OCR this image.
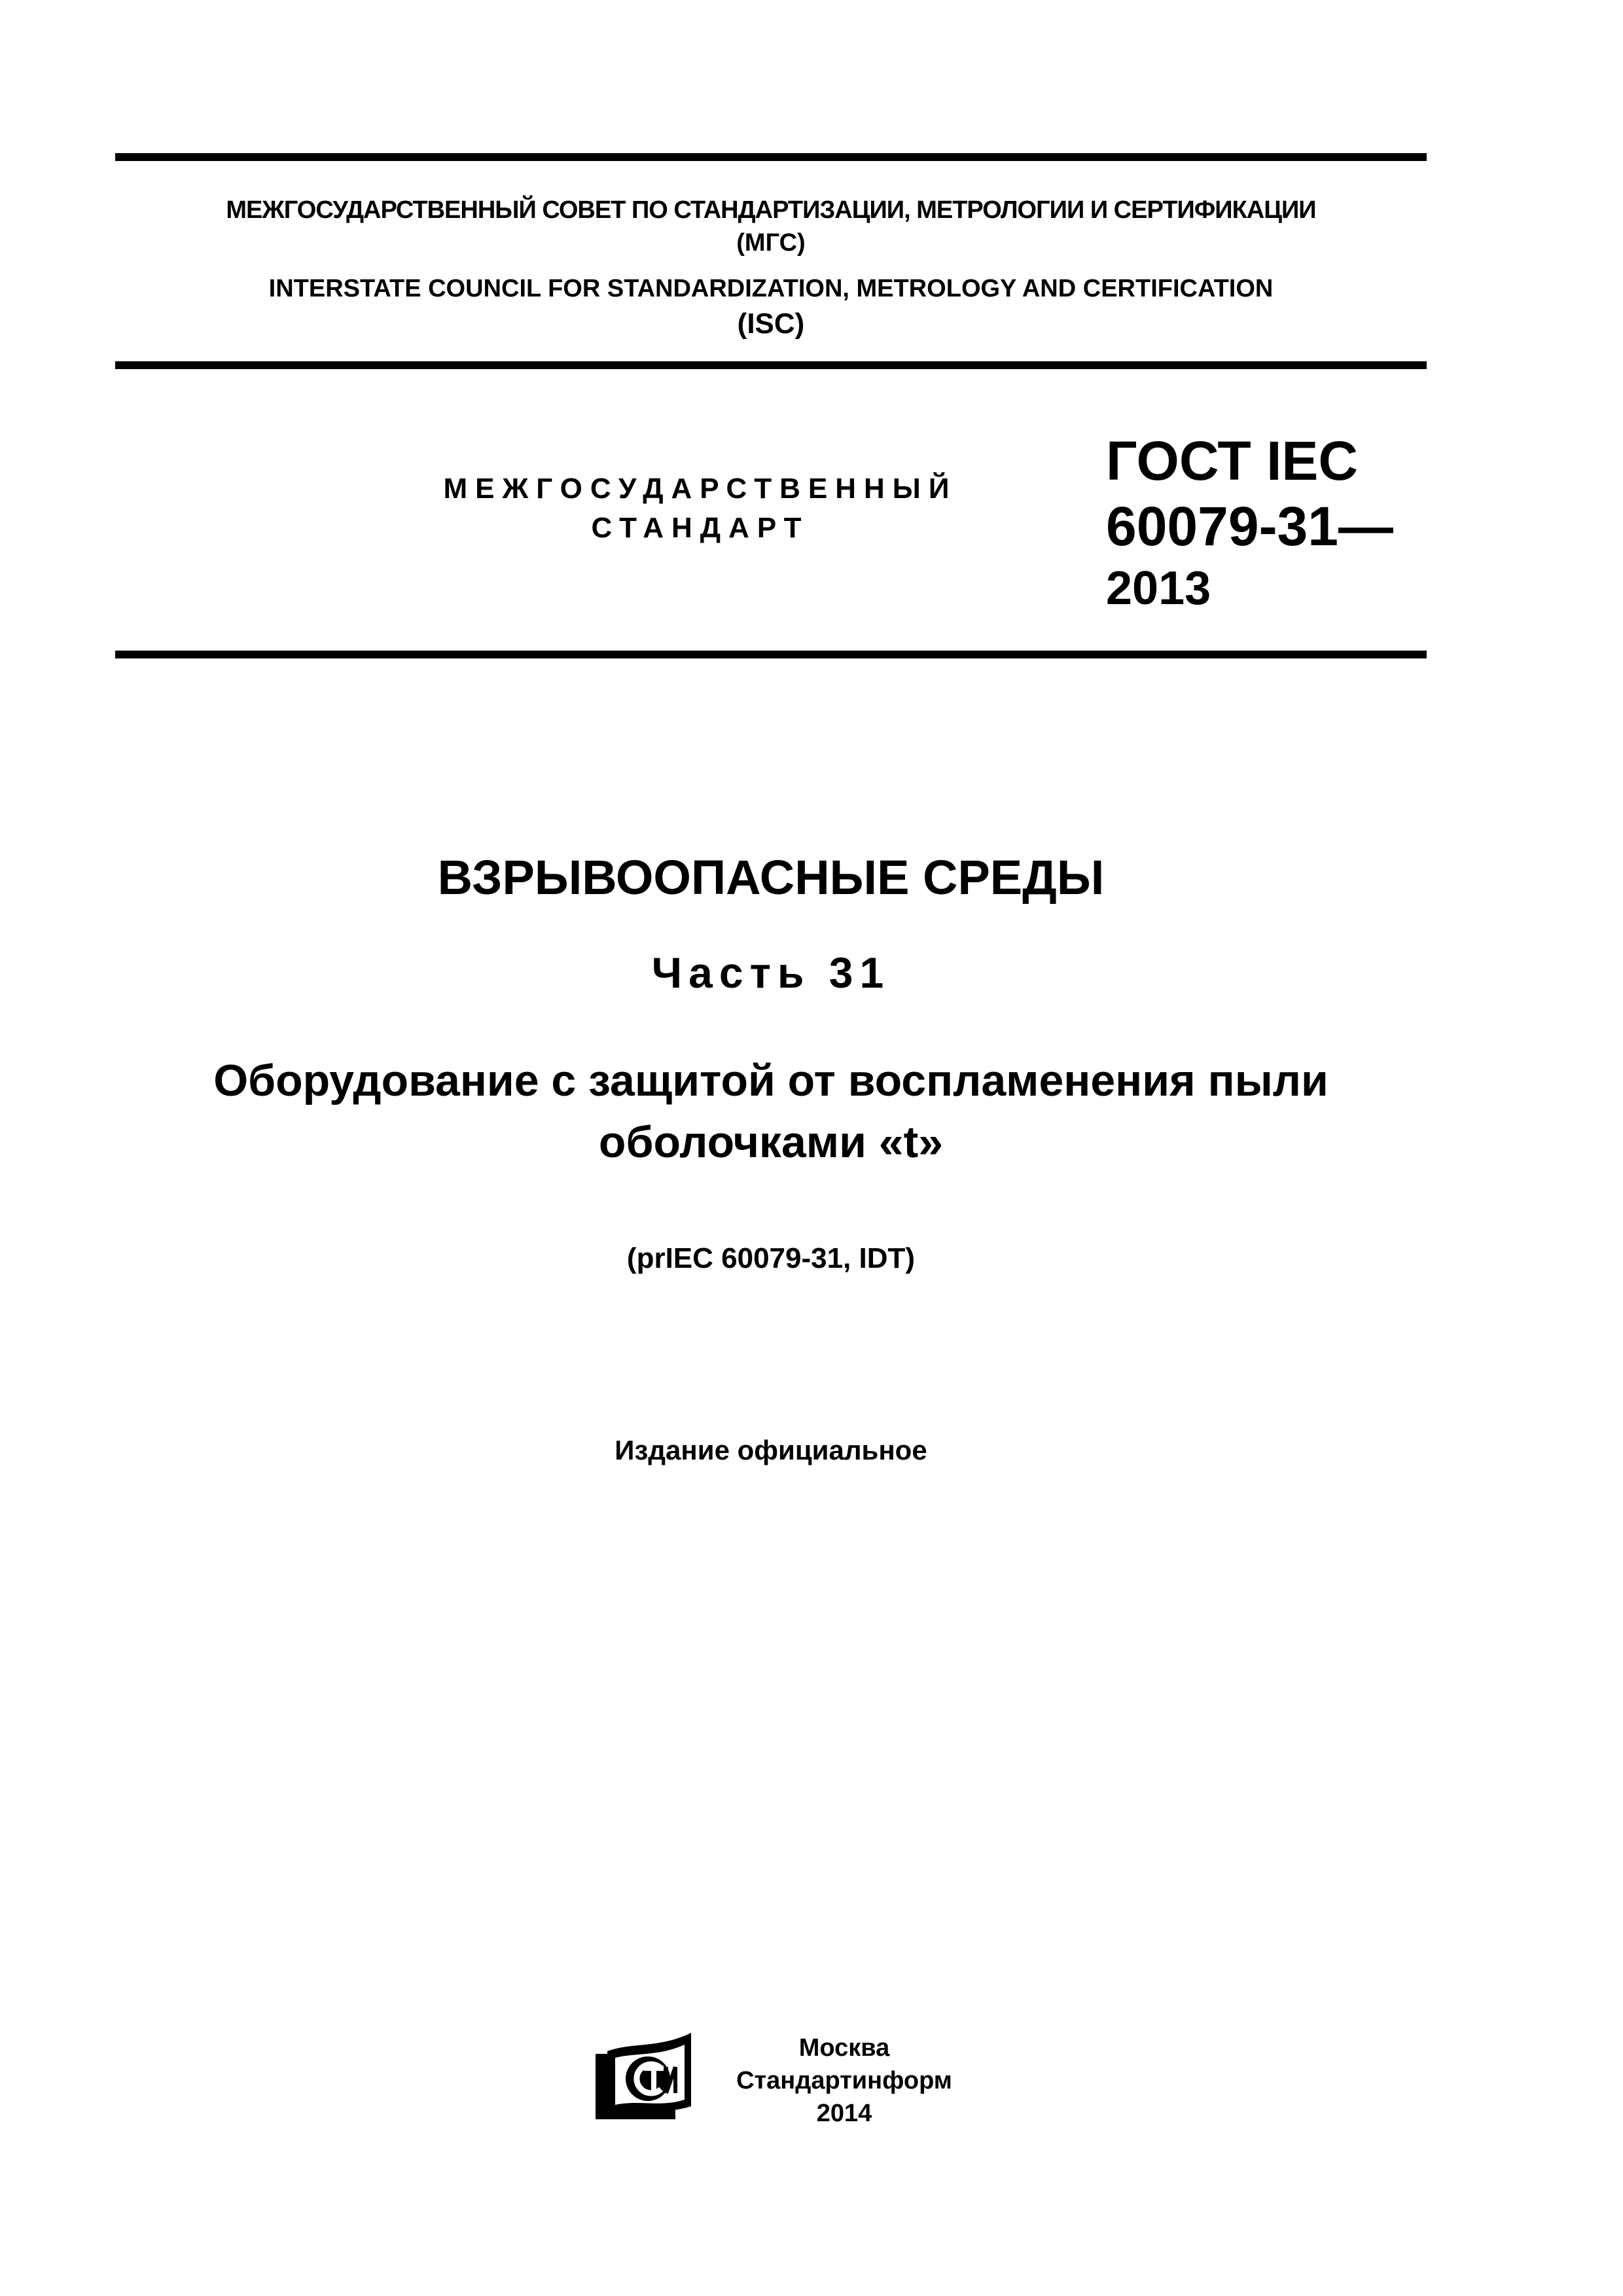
МЕЖГОСУДАРСТВЕННЫЙ СОВЕТ ПО СТАНДАРТИЗАЦИИ, МЕТРОЛОГИИ И СЕРТИФИКАЦИИ
(МГС)
INTERSTATE COUNCIL FOR STANDARDIZATION, METROLOGY AND CERTIFICATION
(ISC)
МЕЖГОСУДАРСТВЕННЫЙ
СТАНДАРТ
ГОСТ IEC
60079-31—
2013
ВЗРЫВООПАСНЫЕ СРЕДЫ
Часть 31
Оборудование с защитой от воспламенения пыли
оболочками «t»
(prIEC 60079-31, IDT)
Издание официальное
Москва
Стандартинформ
2014
